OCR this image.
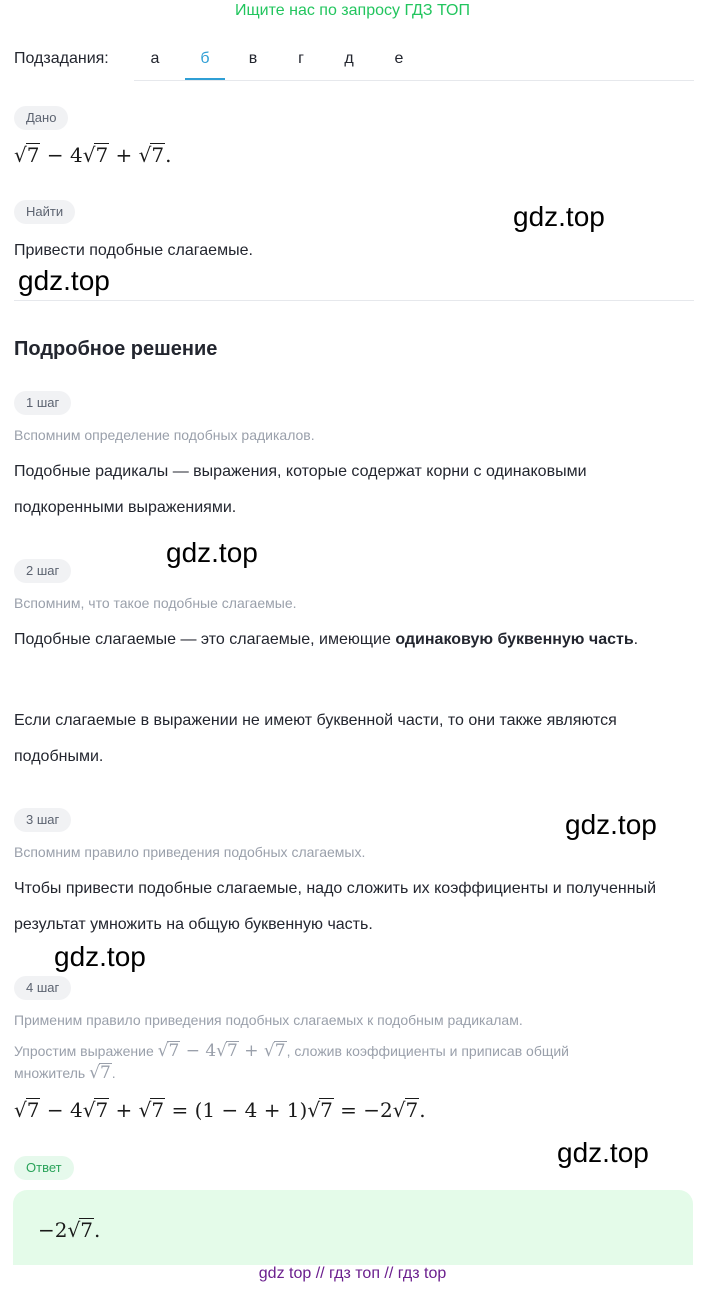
Ищите нас по запросу ГДЗ ТОП
Подзадания:	а	б	в	г	д	е
Дано
√7 − 4√7 + √7.
Найти
Привести подобные слагаемые.
Подробное решение
1 шаг
Вспомним определение подобных радикалов.
Подобные радикалы — выражения, которые содержат корни с одинаковыми подкоренными выражениями.
2 шаг
Вспомним, что такое подобные слагаемые.
Подобные слагаемые — это слагаемые, имеющие одинаковую буквенную часть.
Если слагаемые в выражении не имеют буквенной части, то они также являются подобными.
3 шаг
Вспомним правило приведения подобных слагаемых.
Чтобы привести подобные слагаемые, надо сложить их коэффициенты и полученный результат умножить на общую буквенную часть.
4 шаг
Применим правило приведения подобных слагаемых к подобным радикалам.
Упростим выражение √7 − 4√7 + √7, сложив коэффициенты и приписав общий
множитель √7.
√7 − 4√7 + √7 = (1 − 4 + 1)√7 = −2√7.
Ответ
−2√7.
gdz.top
gdz.top
gdz.top
gdz.top
gdz.top
gdz.top
gdz top // гдз топ // гдз top
